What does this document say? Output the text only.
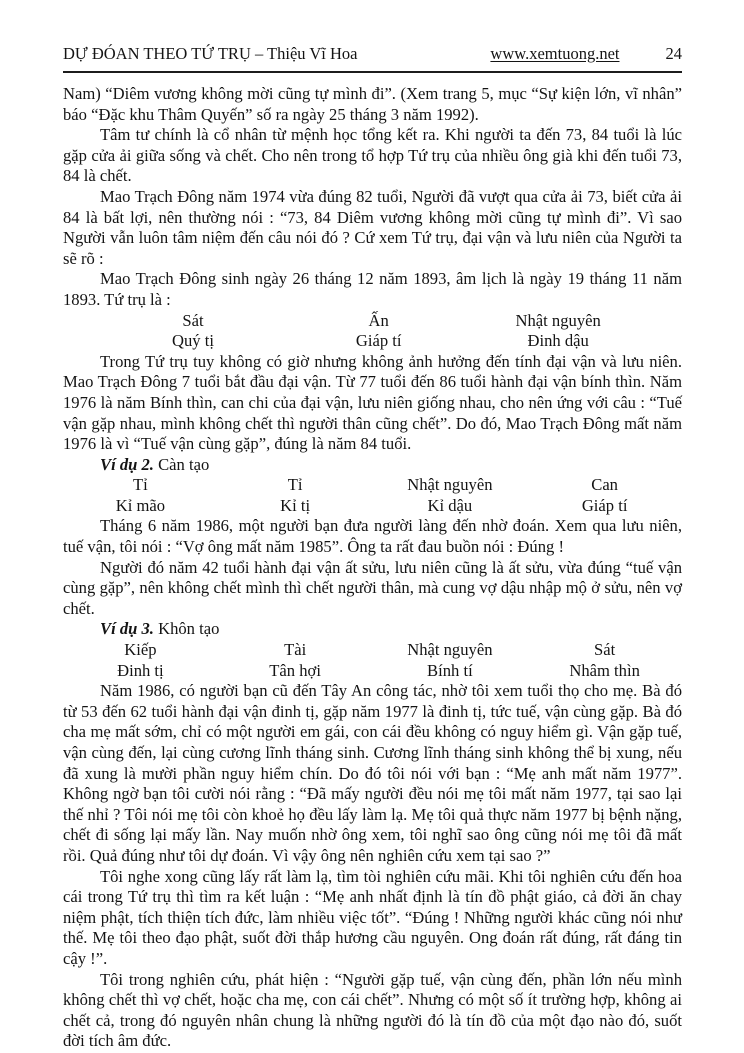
DỰ ĐÓAN THEO TỨ TRỤ – Thiệu Vĩ Hoa	www.xemtuong.net	24

Nam) “Diêm vương không mời cũng tự mình đi”. (Xem trang 5, mục “Sự kiện lớn, vĩ nhân” báo “Đặc khu Thâm Quyến” số ra ngày 25 tháng 3 năm 1992).

Tâm tư chính là cổ nhân từ mệnh học tổng kết ra. Khi người ta đến 73, 84 tuổi là lúc gặp cửa ải giữa sống và chết. Cho nên trong tổ hợp Tứ trụ của nhiều ông già khi đến tuổi 73, 84 là chết.

Mao Trạch Đông năm 1974 vừa đúng 82 tuổi, Người đã vượt qua cửa ải 73, biết cửa ải 84 là bất lợi, nên thường nói : “73, 84 Diêm vương không mời cũng tự mình đi”. Vì sao Người vẫn luôn tâm niệm đến câu nói đó ? Cứ xem Tứ trụ, đại vận và lưu niên của Người ta sẽ rõ :

Mao Trạch Đông sinh ngày 26 tháng 12 năm 1893, âm lịch là ngày 19 tháng 11 năm 1893. Tứ trụ là :

Sát	Ấn	Nhật nguyên
Quý tị	Giáp tí	Đinh dậu

Trong Tứ trụ tuy không có giờ nhưng không ảnh hưởng đến tính đại vận và lưu niên. Mao Trạch Đông 7 tuổi bắt đầu đại vận. Từ 77 tuổi đến 86 tuổi hành đại vận bính thìn. Năm 1976 là năm Bính thìn, can chi của đại vận, lưu niên giống nhau, cho nên ứng với câu : “Tuế vận gặp nhau, mình không chết thì người thân cũng chết”. Do đó, Mao Trạch Đông mất năm 1976 là vì “Tuế vận cùng gặp”, đúng là năm 84 tuổi.

Ví dụ 2. Càn tạo

Tỉ	Tỉ	Nhật nguyên	Can
Kỉ mão	Kỉ tị	Kỉ dậu	Giáp tí

Tháng 6 năm 1986, một người bạn đưa người làng đến nhờ đoán. Xem qua lưu niên, tuế vận, tôi nói : “Vợ ông mất năm 1985”. Ông ta rất đau buồn nói : Đúng !

Người đó năm 42 tuổi hành đại vận ất sửu, lưu niên cũng là ất sửu, vừa đúng “tuế vận cùng gặp”, nên không chết mình thì chết người thân, mà cung vợ dậu nhập mộ ở sửu, nên vợ chết.

Ví dụ 3. Khôn tạo

Kiếp	Tài	Nhật nguyên	Sát
Đinh tị	Tân hợi	Bính tí	Nhâm thìn

Năm 1986, có người bạn cũ đến Tây An công tác, nhờ tôi xem tuổi thọ cho mẹ. Bà đó từ 53 đến 62 tuổi hành đại vận đinh tị, gặp năm 1977 là đinh tị, tức tuế, vận cùng gặp. Bà đó cha mẹ mất sớm, chỉ có một người em gái, con cái đều không có nguy hiểm gì. Vận gặp tuế, vận cùng đến, lại cùng cương lĩnh tháng sinh. Cương lĩnh tháng sinh không thể bị xung, nếu đã xung là mười phần nguy hiểm chín. Do đó tôi nói với bạn : “Mẹ anh mất năm 1977”. Không ngờ bạn tôi cười nói rằng : “Đã mấy người đều nói mẹ tôi mất năm 1977, tại sao lại thế nhỉ ? Tôi nói mẹ tôi còn khoẻ họ đều lấy làm lạ. Mẹ tôi quả thực năm 1977 bị bệnh nặng, chết đi sống lại mấy lần. Nay muốn nhờ ông xem, tôi nghĩ sao ông cũng nói mẹ tôi đã mất rồi. Quả đúng như tôi dự đoán. Vì vậy ông nên nghiên cứu xem tại sao ?”

Tôi nghe xong cũng lấy rất làm lạ, tìm tòi nghiên cứu mãi. Khi tôi nghiên cứu đến hoa cái trong Tứ trụ thì tìm ra kết luận : “Mẹ anh nhất định là tín đồ phật giáo, cả đời ăn chay niệm phật, tích thiện tích đức, làm nhiều việc tốt”. “Đúng ! Những người khác cũng nói như thế. Mẹ tôi theo đạo phật, suốt đời thắp hương cầu nguyên. Ong đoán rất đúng, rất đáng tin cậy !”.

Tôi trong nghiên cứu, phát hiện : “Người gặp tuế, vận cùng đến, phần lớn nếu mình không chết thì vợ chết, hoặc cha mẹ, con cái chết”. Nhưng có một số ít trường hợp, không ai chết cả, trong đó nguyên nhân chung là những người đó là tín đồ của một đạo nào đó, suốt đời tích âm đức.
